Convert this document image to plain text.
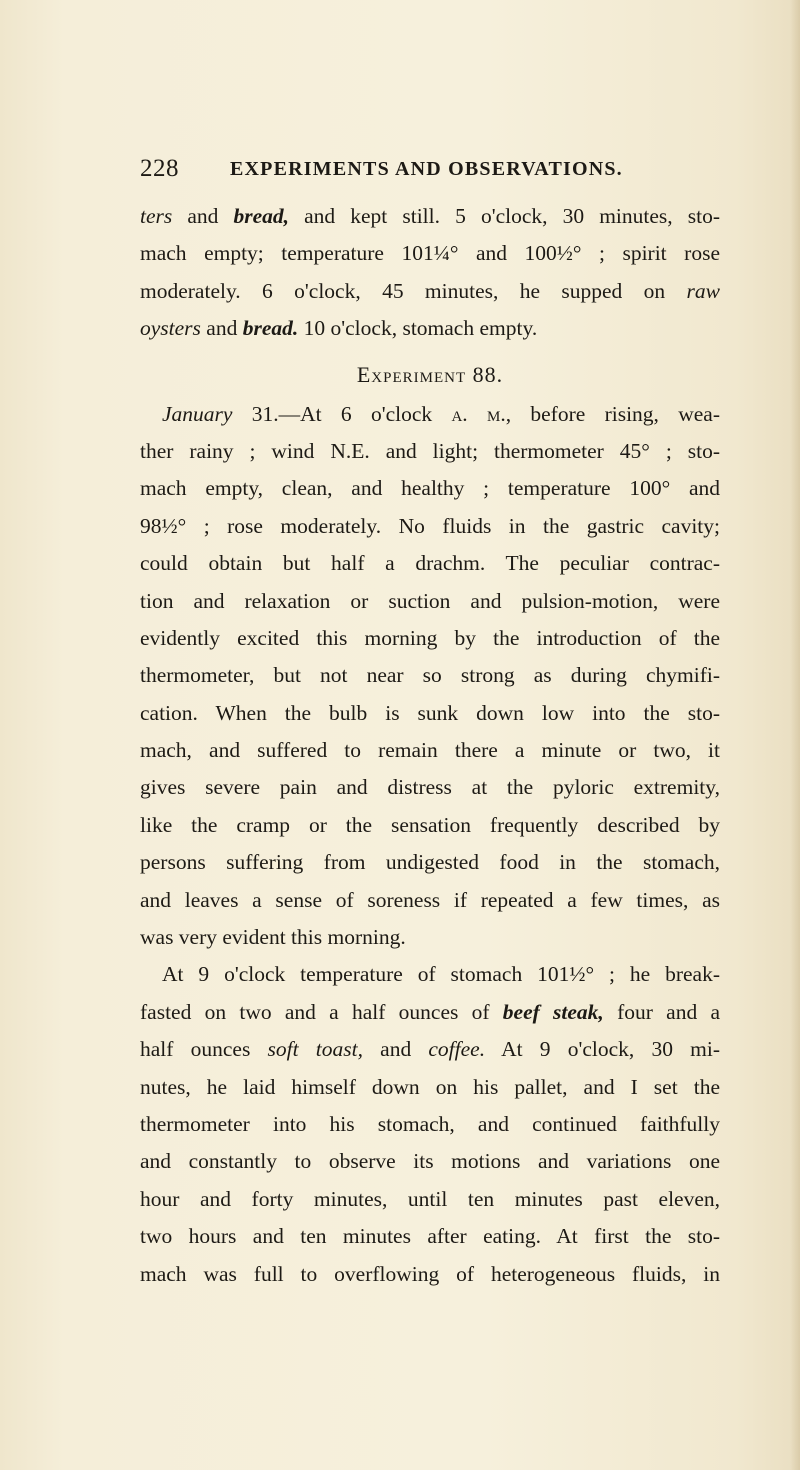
228	EXPERIMENTS AND OBSERVATIONS.
ters and bread, and kept still. 5 o'clock, 30 minutes, sto-
mach empty; temperature 101¼° and 100½° ; spirit rose
moderately. 6 o'clock, 45 minutes, he supped on raw
oysters and bread. 10 o'clock, stomach empty.
Experiment 88.
January 31.—At 6 o'clock a. m., before rising, wea-
ther rainy ; wind N.E. and light; thermometer 45° ; sto-
mach empty, clean, and healthy ; temperature 100° and
98½° ; rose moderately. No fluids in the gastric cavity;
could obtain but half a drachm. The peculiar contrac-
tion and relaxation or suction and pulsion-motion, were
evidently excited this morning by the introduction of the
thermometer, but not near so strong as during chymifi-
cation. When the bulb is sunk down low into the sto-
mach, and suffered to remain there a minute or two, it
gives severe pain and distress at the pyloric extremity,
like the cramp or the sensation frequently described by
persons suffering from undigested food in the stomach,
and leaves a sense of soreness if repeated a few times, as
was very evident this morning.
At 9 o'clock temperature of stomach 101½° ; he break-
fasted on two and a half ounces of beef steak, four and a
half ounces soft toast, and coffee. At 9 o'clock, 30 mi-
nutes, he laid himself down on his pallet, and I set the
thermometer into his stomach, and continued faithfully
and constantly to observe its motions and variations one
hour and forty minutes, until ten minutes past eleven,
two hours and ten minutes after eating. At first the sto-
mach was full to overflowing of heterogeneous fluids, in
